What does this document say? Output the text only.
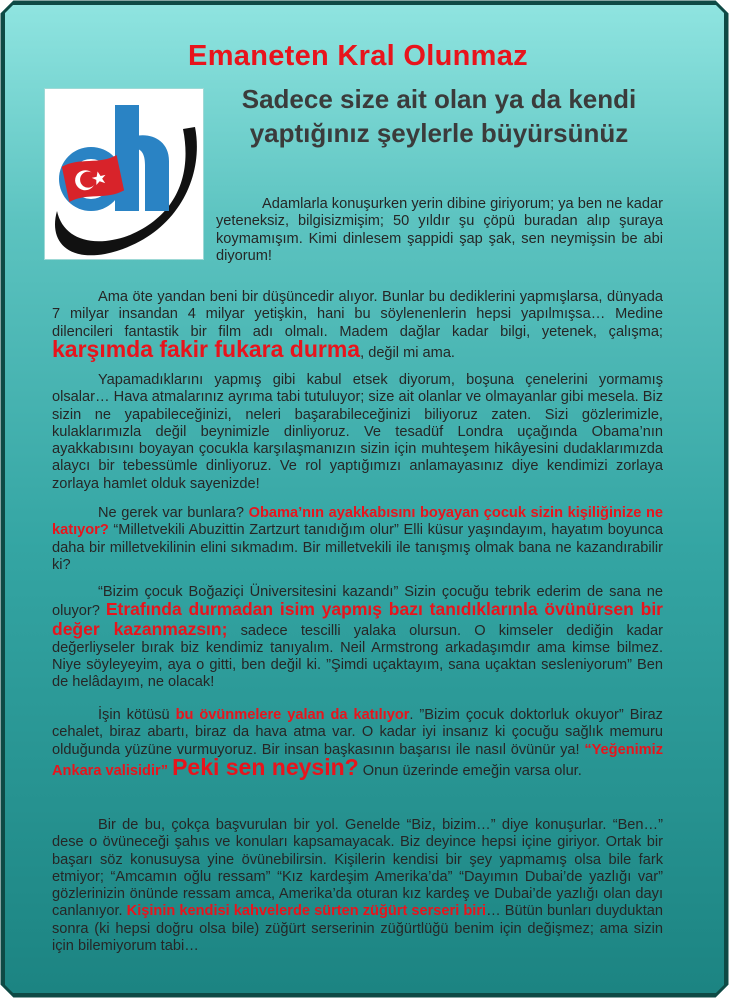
Emaneten Kral Olunmaz
Sadece size ait olan ya da kendi yaptığınız şeylerle büyürsünüz

Adamlarla konuşurken yerin dibine giriyorum; ya ben ne kadar yeteneksiz, bilgisizmişim; 50 yıldır şu çöpü buradan alıp şuraya koymamışım. Kimi dinlesem şappidi şap şak, sen neymişsin be abi diyorum!

Ama öte yandan beni bir düşüncedir alıyor. Bunlar bu dediklerini yapmışlarsa, dünyada 7 milyar insandan 4 milyar yetişkin, hani bu söylenenlerin hepsi yapılmışsa… Medine dilencileri fantastik bir film adı olmalı. Madem dağlar kadar bilgi, yetenek, çalışma; karşımda fakir fukara durma, değil mi ama.

Yapamadıklarını yapmış gibi kabul etsek diyorum, boşuna çenelerini yormamış olsalar… Hava atmalarınız ayrıma tabi tutuluyor; size ait olanlar ve olmayanlar gibi mesela. Biz sizin ne yapabileceğinizi, neleri başarabileceğinizi biliyoruz zaten. Sizi gözlerimizle, kulaklarımızla değil beynimizle dinliyoruz. Ve tesadüf Londra uçağında Obama’nın ayakkabısını boyayan çocukla karşılaşmanızın sizin için muhteşem hikâyesini dudaklarımızda alaycı bir tebessümle dinliyoruz. Ve rol yaptığımızı anlamayasınız diye kendimizi zorlaya zorlaya hamlet olduk sayenizde!

Ne gerek var bunlara? Obama’nın ayakkabısını boyayan çocuk sizin kişiliğinize ne katıyor? “Milletvekili Abuzittin Zartzurt tanıdığım olur” Elli küsur yaşındayım, hayatım boyunca daha bir milletvekilinin elini sıkmadım. Bir milletvekili ile tanışmış olmak bana ne kazandırabilir ki?

“Bizim çocuk Boğaziçi Üniversitesini kazandı” Sizin çocuğu tebrik ederim de sana ne oluyor? Etrafında durmadan isim yapmış bazı tanıdıklarınla övünürsen bir değer kazanmazsın; sadece tescilli yalaka olursun. O kimseler dediğin kadar değerliyseler bırak biz kendimiz tanıyalım. Neil Armstrong arkadaşımdır ama kimse bilmez. Niye söyleyeyim, aya o gitti, ben değil ki. ”Şimdi uçaktayım, sana uçaktan sesleniyorum” Ben de helâdayım, ne olacak!

İşin kötüsü bu övünmelere yalan da katılıyor. ”Bizim çocuk doktorluk okuyor” Biraz cehalet, biraz abartı, biraz da hava atma var. O kadar iyi insanız ki çocuğu sağlık memuru olduğunda yüzüne vurmuyoruz. Bir insan başkasının başarısı ile nasıl övünür ya! “Yeğenimiz Ankara valisidir” Peki sen neysin? Onun üzerinde emeğin varsa olur.

Bir de bu, çokça başvurulan bir yol. Genelde “Biz, bizim…” diye konuşurlar. “Ben…” dese o övüneceği şahıs ve konuları kapsamayacak. Biz deyince hepsi içine giriyor. Ortak bir başarı söz konusuysa yine övünebilirsin. Kişilerin kendisi bir şey yapmamış olsa bile fark etmiyor; “Amcamın oğlu ressam” “Kız kardeşim Amerika’da” “Dayımın Dubai’de yazlığı var” gözlerinizin önünde ressam amca, Amerika’da oturan kız kardeş ve Dubai’de yazlığı olan dayı canlanıyor. Kişinin kendisi kahvelerde sürten züğürt serseri biri… Bütün bunları duyduktan sonra (ki hepsi doğru olsa bile) züğürt serserinin züğürtlüğü benim için değişmez; ama sizin için bilemiyorum tabi…
